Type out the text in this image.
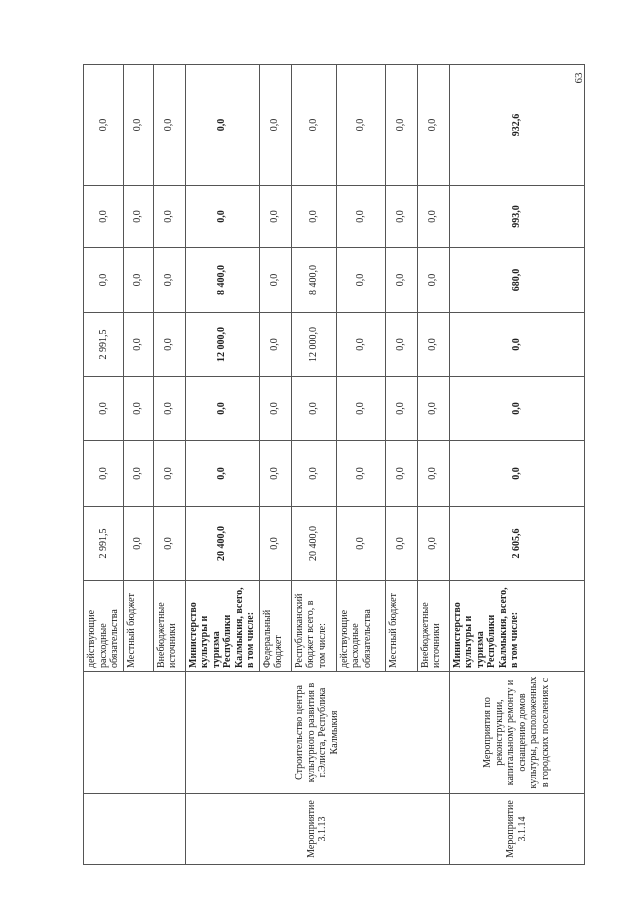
63
		действующие расходные обязательства	2 991,5	0,0	0,0	2 991,5	0,0	0,0	0,0
		Местный бюджет	0,0	0,0	0,0	0,0	0,0	0,0	0,0
		Внебюджетные источники	0,0	0,0	0,0	0,0	0,0	0,0	0,0
Мероприятие 3.1.13	Строительство центра культурного развития в г.Элиста, Республика Калмыкия	Министерство культуры и туризма Республики Калмыкия, всего, в том числе:	20 400,0	0,0	0,0	12 000,0	8 400,0	0,0	0,0
		Федеральный бюджет	0,0	0,0	0,0	0,0	0,0	0,0	0,0
		Республиканский бюджет всего, в том числе:	20 400,0	0,0	0,0	12 000,0	8 400,0	0,0	0,0
		действующие расходные обязательства	0,0	0,0	0,0	0,0	0,0	0,0	0,0
		Местный бюджет	0,0	0,0	0,0	0,0	0,0	0,0	0,0
		Внебюджетные источники	0,0	0,0	0,0	0,0	0,0	0,0	0,0
Мероприятие 3.1.14	Мероприятия по реконструкции, капитальному ремонту и оснащению домов культуры, расположенных в городских поселениях с	Министерство культуры и туризма Республики Калмыкия, всего, в том числе:	2 605,6	0,0	0,0	0,0	680,0	993,0	932,6
